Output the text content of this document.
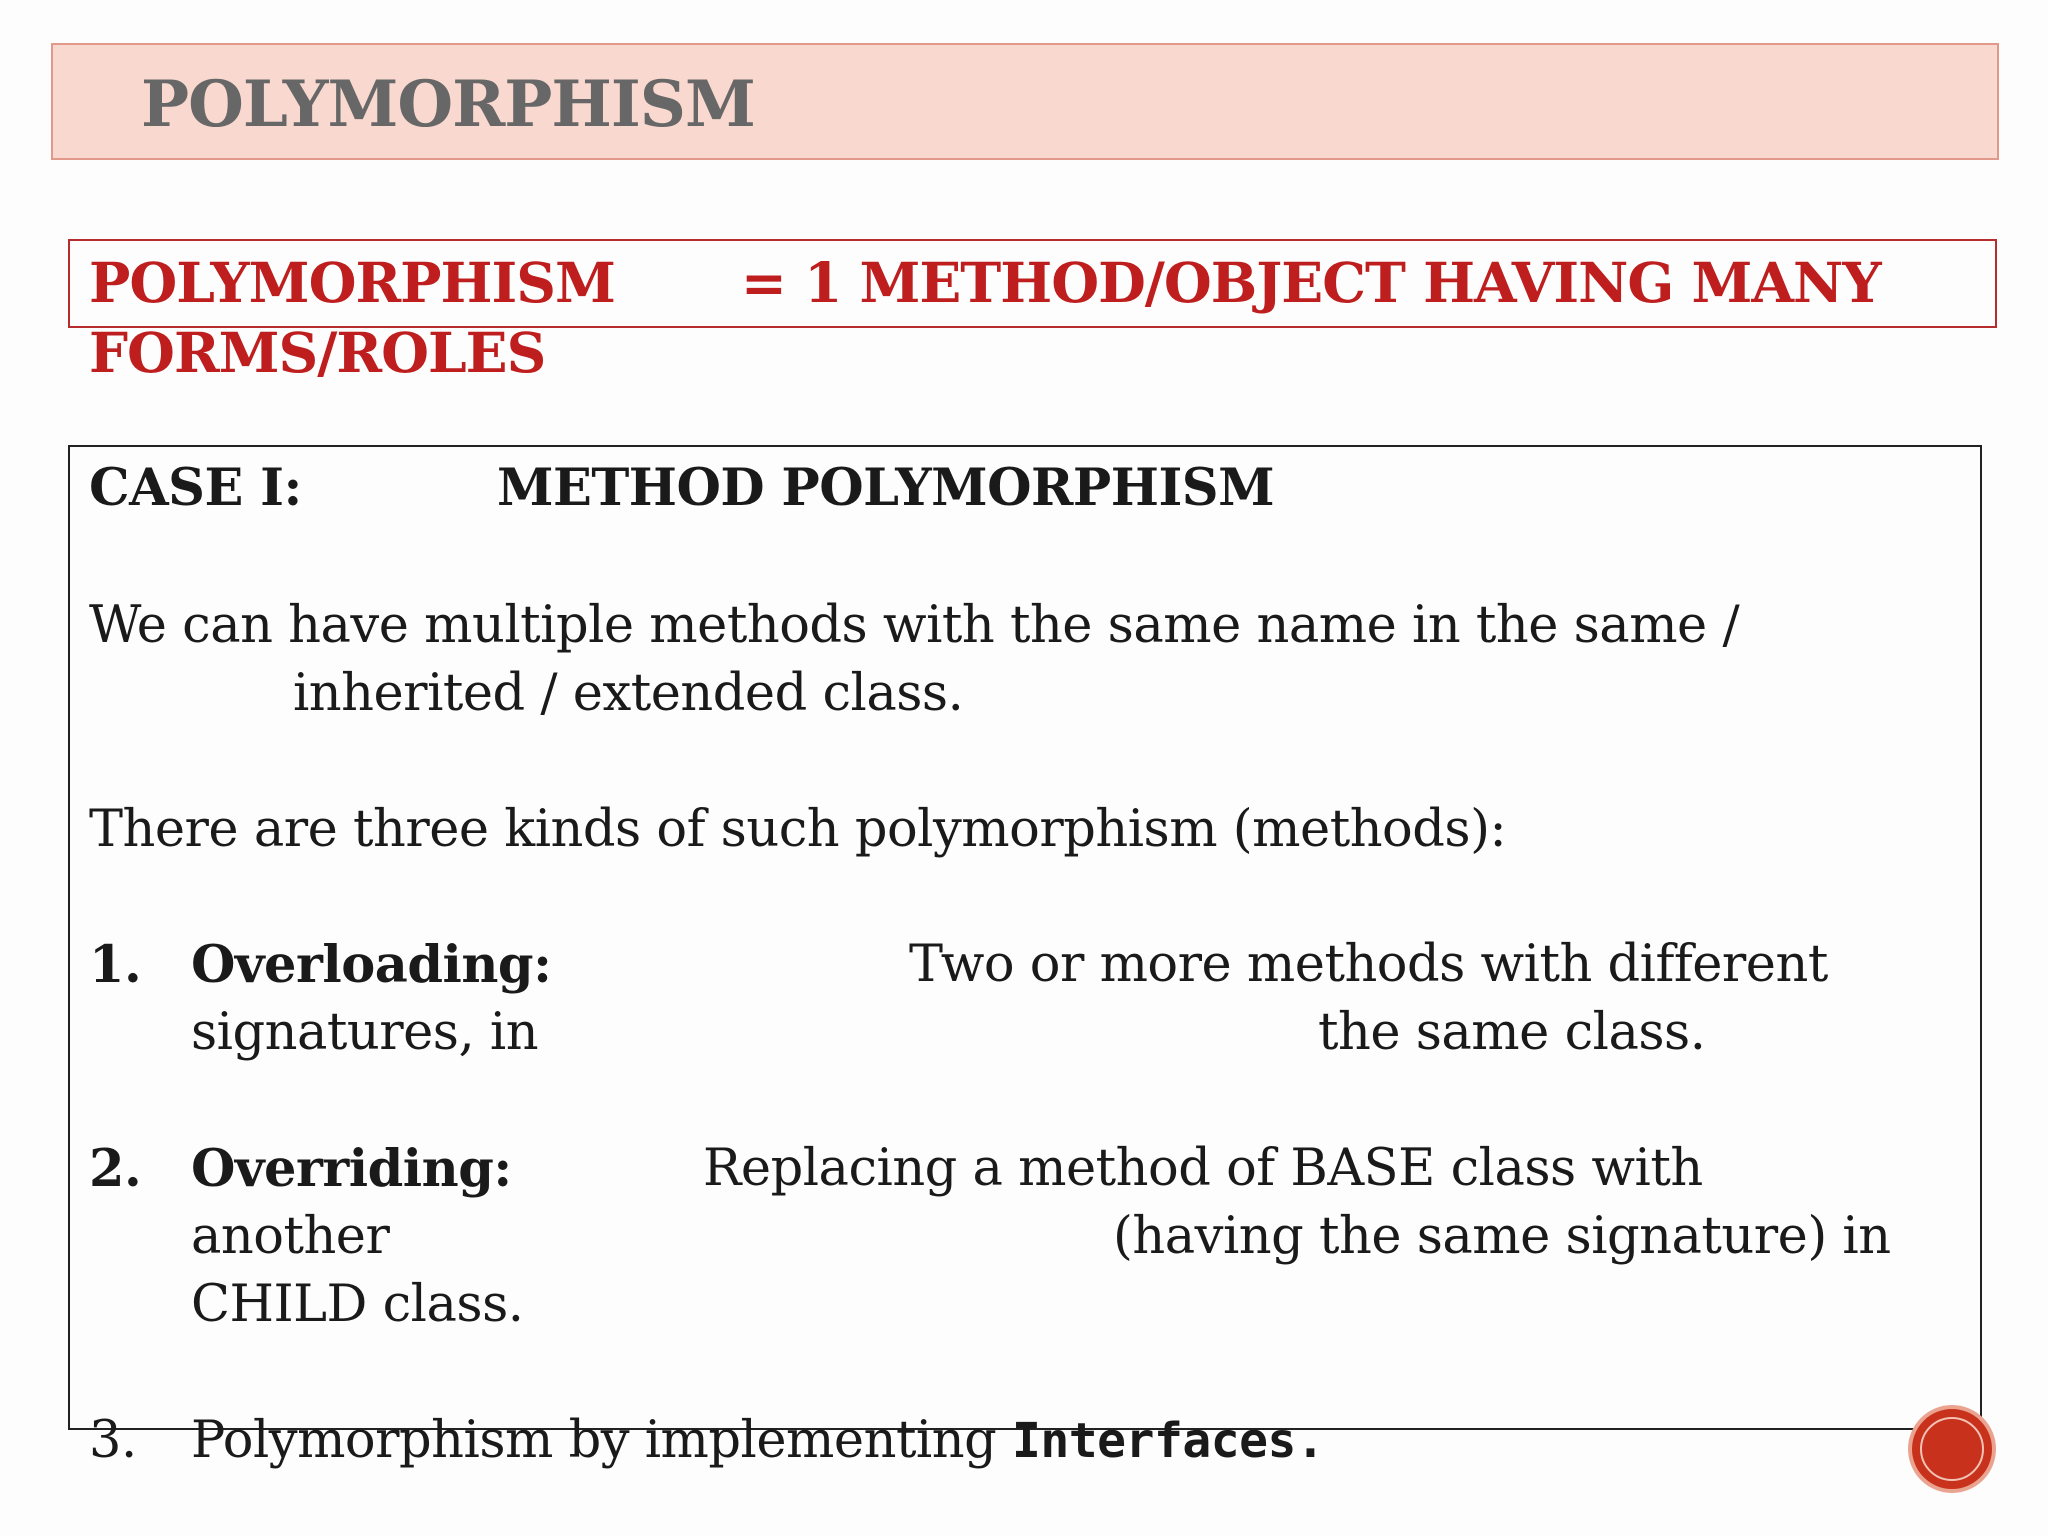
POLYMORPHISM
POLYMORPHISM = 1 METHOD/OBJECT HAVING MANY
FORMS/ROLES
CASE I:	METHOD POLYMORPHISM
We can have multiple methods with the same name in the same /
inherited / extended class.
There are three kinds of such polymorphism (methods):
1. Overloading:	Two or more methods with different
signatures, in	the same class.
2. Overriding:	Replacing a method of BASE class with
another	(having the same signature) in
CHILD class.
3. Polymorphism by implementing Interfaces.
